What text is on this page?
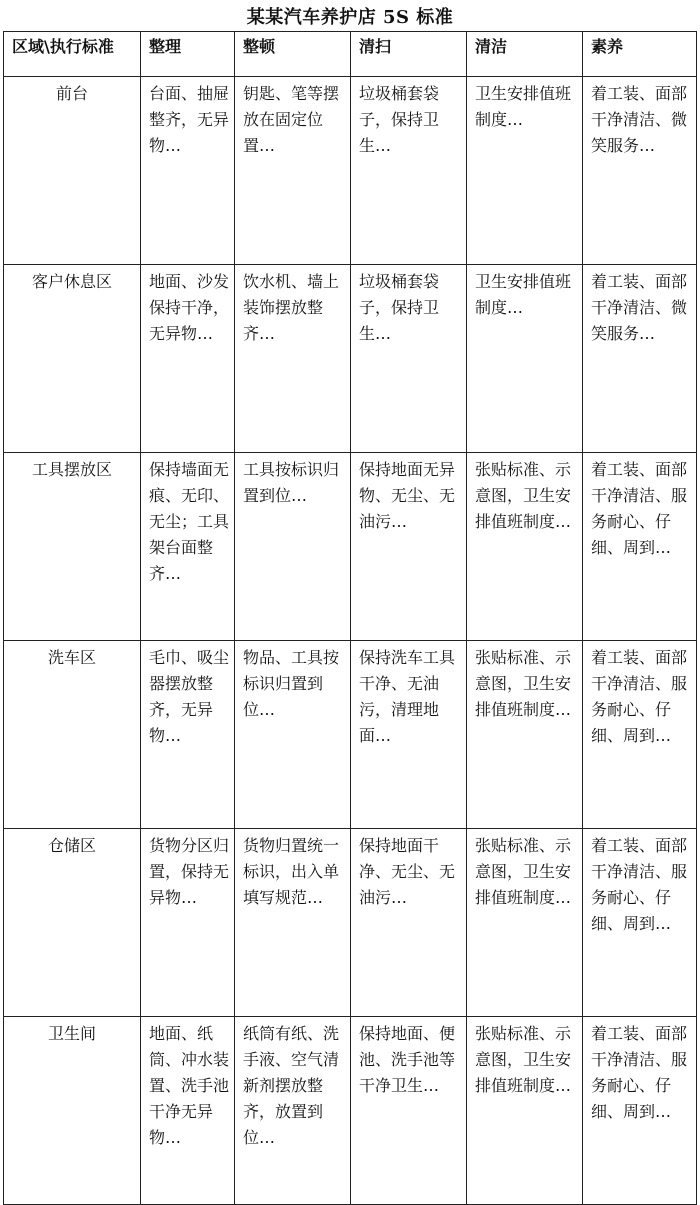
某某汽车养护店 5S 标准
区域\执行标准	整理	整顿	清扫	清洁	素养
前台	台面、抽屉整齐，无异物…	钥匙、笔等摆放在固定位置…	垃圾桶套袋子，保持卫生…	卫生安排值班制度…	着工装、面部干净清洁、微笑服务…
客户休息区	地面、沙发保持干净，无异物…	饮水机、墙上装饰摆放整齐…	垃圾桶套袋子，保持卫生…	卫生安排值班制度…	着工装、面部干净清洁、微笑服务…
工具摆放区	保持墙面无痕、无印、无尘；工具架台面整齐…	工具按标识归置到位…	保持地面无异物、无尘、无油污…	张贴标准、示意图，卫生安排值班制度…	着工装、面部干净清洁、服务耐心、仔细、周到…
洗车区	毛巾、吸尘器摆放整齐，无异物…	物品、工具按标识归置到位…	保持洗车工具干净、无油污，清理地面…	张贴标准、示意图，卫生安排值班制度…	着工装、面部干净清洁、服务耐心、仔细、周到…
仓储区	货物分区归置，保持无异物…	货物归置统一标识，出入单填写规范…	保持地面干净、无尘、无油污…	张贴标准、示意图，卫生安排值班制度…	着工装、面部干净清洁、服务耐心、仔细、周到…
卫生间	地面、纸筒、冲水装置、洗手池干净无异物…	纸筒有纸、洗手液、空气清新剂摆放整齐，放置到位…	保持地面、便池、洗手池等干净卫生…	张贴标准、示意图，卫生安排值班制度…	着工装、面部干净清洁、服务耐心、仔细、周到…
